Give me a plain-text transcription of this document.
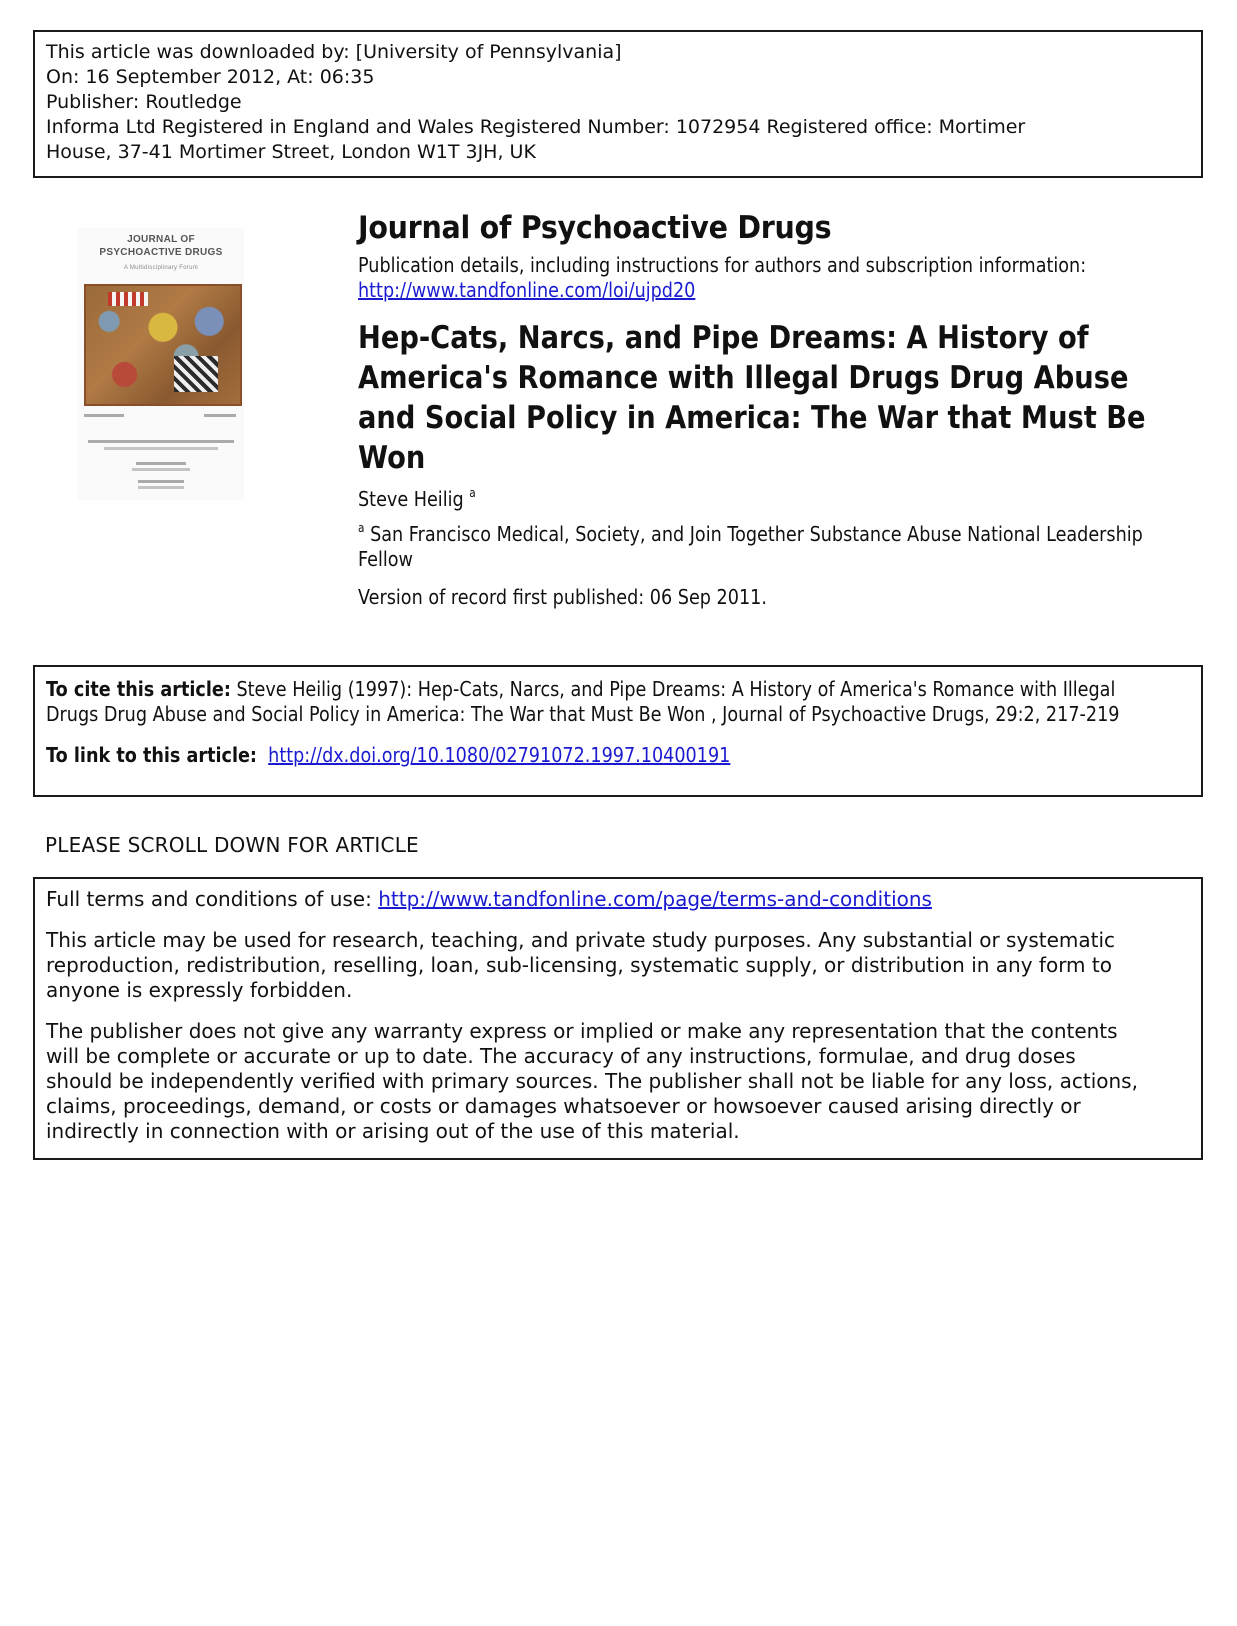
This article was downloaded by: [University of Pennsylvania]
On: 16 September 2012, At: 06:35
Publisher: Routledge
Informa Ltd Registered in England and Wales Registered Number: 1072954 Registered office: Mortimer
House, 37-41 Mortimer Street, London W1T 3JH, UK
JOURNAL OF
PSYCHOACTIVE DRUGS
A Multidisciplinary Forum
Journal of Psychoactive Drugs
Publication details, including instructions for authors and subscription information:
http://www.tandfonline.com/loi/ujpd20
Hep-Cats, Narcs, and Pipe Dreams: A History of
America's Romance with Illegal Drugs Drug Abuse
and Social Policy in America: The War that Must Be
Won
Steve Heilig $^a$
$^a$ San Francisco Medical, Society, and Join Together Substance Abuse National Leadership
Fellow
Version of record first published: 06 Sep 2011.
To cite this article: Steve Heilig (1997): Hep-Cats, Narcs, and Pipe Dreams: A History of America's Romance with Illegal
Drugs Drug Abuse and Social Policy in America: The War that Must Be Won , Journal of Psychoactive Drugs, 29:2, 217-219
To link to this article: http://dx.doi.org/10.1080/02791072.1997.10400191
PLEASE SCROLL DOWN FOR ARTICLE

Full terms and conditions of use: http://www.tandfonline.com/page/terms-and-conditions

This article may be used for research, teaching, and private study purposes. Any substantial or systematic

reproduction, redistribution, reselling, loan, sub-licensing, systematic supply, or distribution in any form to

anyone is expressly forbidden.

The publisher does not give any warranty express or implied or make any representation that the contents

will be complete or accurate or up to date. The accuracy of any instructions, formulae, and drug doses

should be independently verified with primary sources. The publisher shall not be liable for any loss, actions,

claims, proceedings, demand, or costs or damages whatsoever or howsoever caused arising directly or

indirectly in connection with or arising out of the use of this material.
